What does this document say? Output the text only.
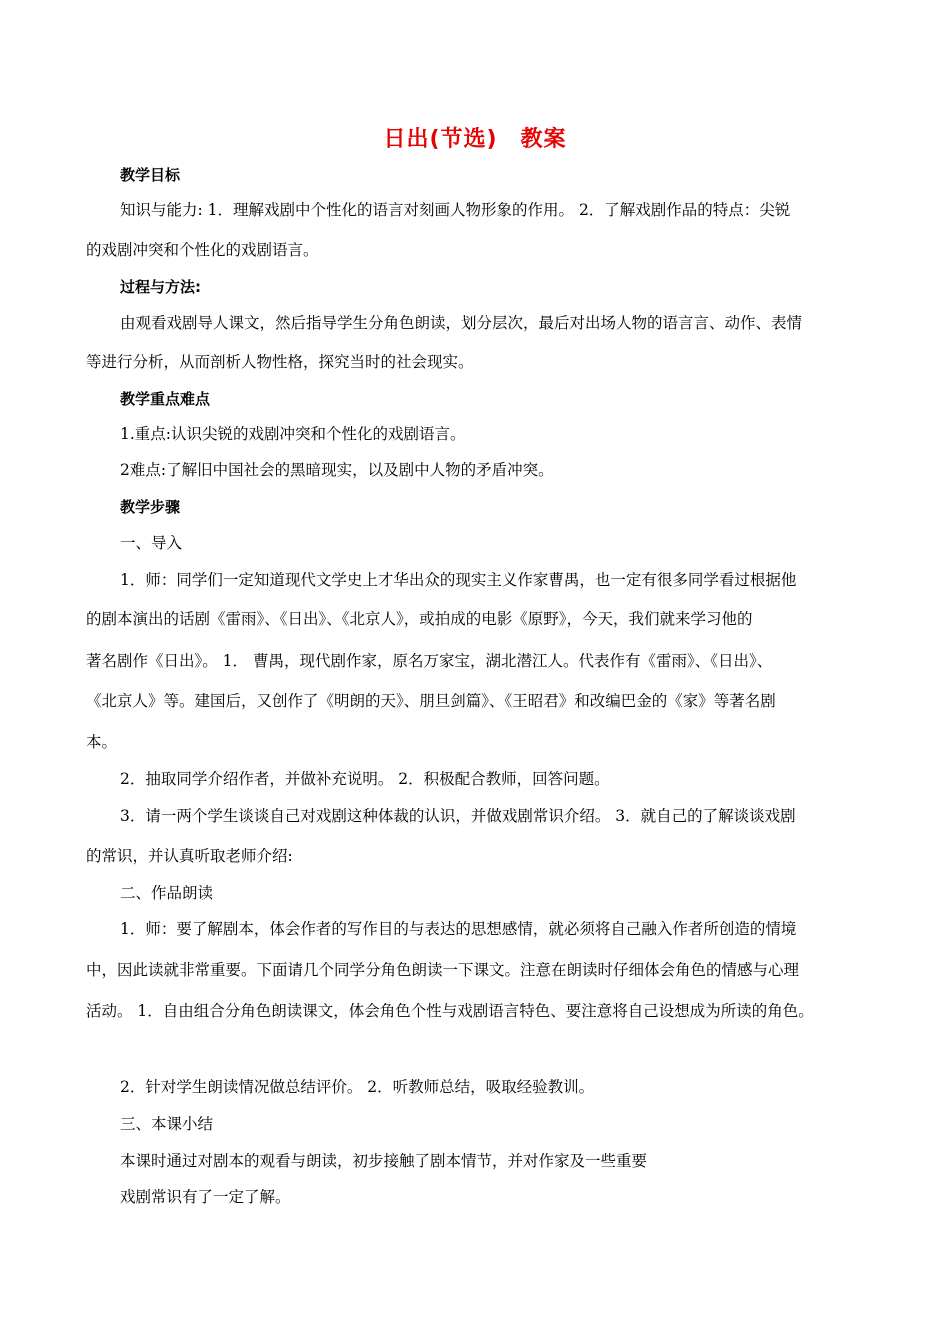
日出(节选)　教案
教学目标
知识与能力: 1．理解戏剧中个性化的语言对刻画人物形象的作用。 2．了解戏剧作品的特点：尖锐
的戏剧冲突和个性化的戏剧语言。
过程与方法:
由观看戏剧导人课文，然后指导学生分角色朗读，划分层次，最后对出场人物的语言言、动作、表情
等进行分析，从而剖析人物性格，探究当时的社会现实。
教学重点难点
1.重点:认识尖锐的戏剧冲突和个性化的戏剧语言。
2难点:了解旧中国社会的黑暗现实，以及剧中人物的矛盾冲突。
教学步骤
一、导入
1．师：同学们一定知道现代文学史上才华出众的现实主义作家曹禺，也一定有很多同学看过根据他
的剧本演出的话剧《雷雨》、《日出》、《北京人》，或拍成的电影《原野》，今天，我们就来学习他的
著名剧作《日出》。 1． 曹禺，现代剧作家，原名万家宝，湖北潜江人。代表作有《雷雨》、《日出》、
《北京人》等。建国后，又创作了《明朗的天》、朋旦剑篇》、《王昭君》和改编巴金的《家》等著名剧
本。
2．抽取同学介绍作者，并做补充说明。 2．积极配合教师，回答问题。
3．请一两个学生谈谈自己对戏剧这种体裁的认识，并做戏剧常识介绍。 3．就自己的了解谈谈戏剧
的常识，并认真听取老师介绍:
二、作品朗读
1．师：要了解剧本，体会作者的写作目的与表达的思想感情，就必须将自己融入作者所创造的情境
中，因此读就非常重要。下面请几个同学分角色朗读一下课文。注意在朗读时仔细体会角色的情感与心理
活动。 1．自由组合分角色朗读课文，体会角色个性与戏剧语言特色、要注意将自己设想成为所读的角色。
2．针对学生朗读情况做总结评价。 2．听教师总结，吸取经验教训。
三、本课小结
本课时通过对剧本的观看与朗读，初步接触了剧本情节，并对作家及一些重要
戏剧常识有了一定了解。
